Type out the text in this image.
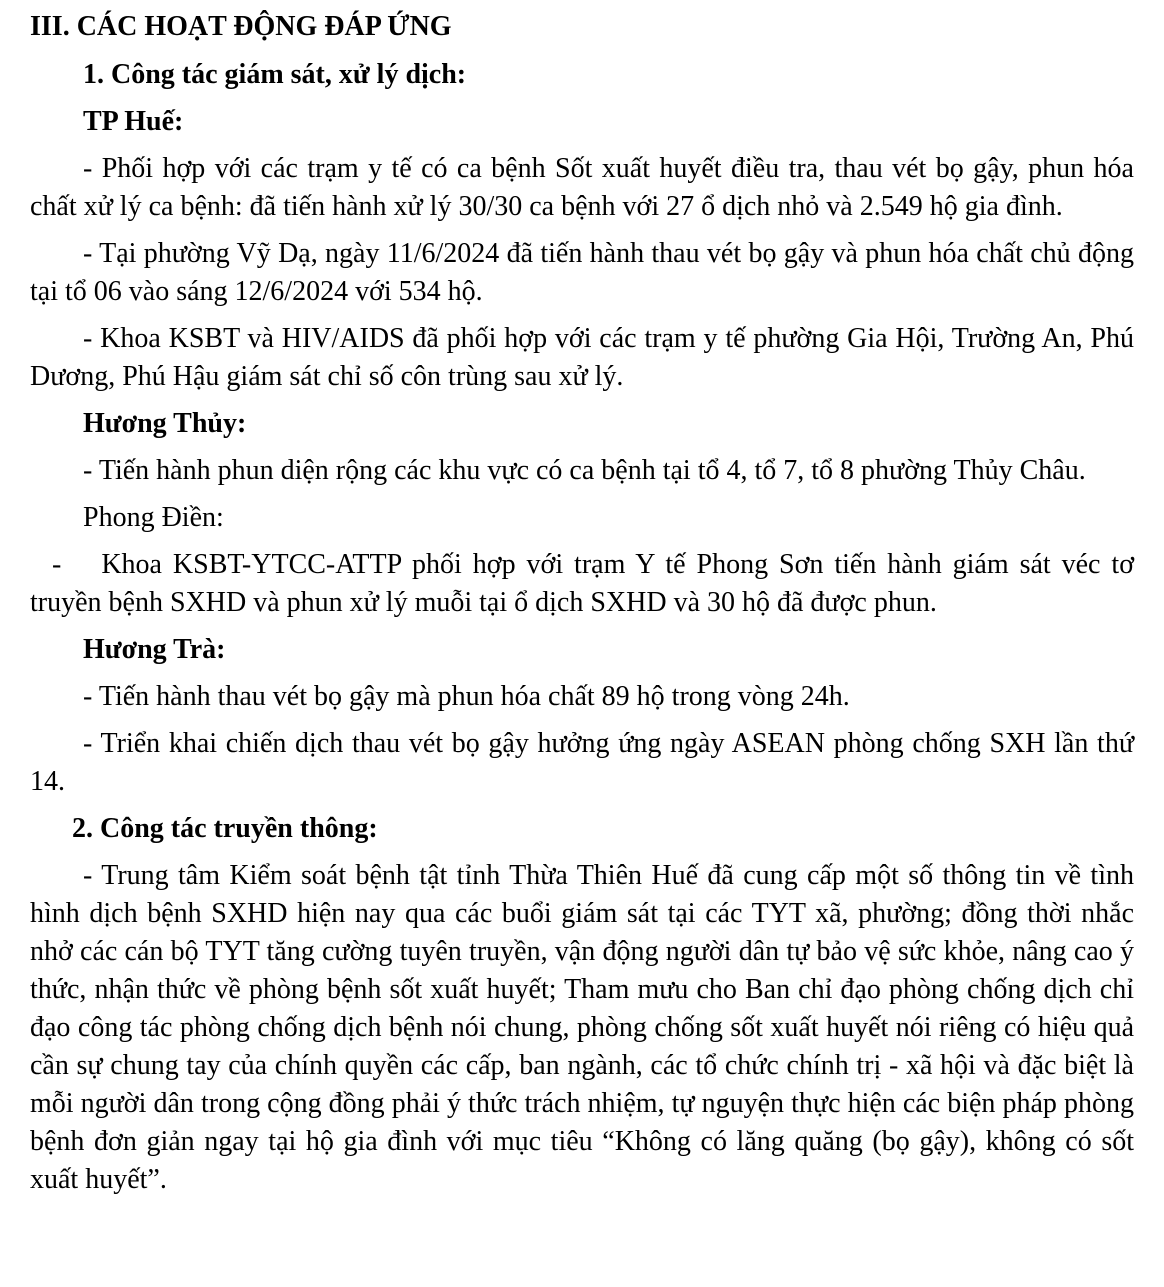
III. CÁC HOẠT ĐỘNG ĐÁP ỨNG

1. Công tác giám sát, xử lý dịch:

TP Huế:

- Phối hợp với các trạm y tế có ca bệnh Sốt xuất huyết điều tra, thau vét bọ gậy, phun hóa chất xử lý ca bệnh: đã tiến hành xử lý 30/30 ca bệnh với 27 ổ dịch nhỏ và 2.549 hộ gia đình.

- Tại phường Vỹ Dạ, ngày 11/6/2024 đã tiến hành thau vét bọ gậy và phun hóa chất chủ động tại tổ 06 vào sáng 12/6/2024 với 534 hộ.

- Khoa KSBT và HIV/AIDS đã phối hợp với các trạm y tế phường Gia Hội, Trường An, Phú Dương, Phú Hậu giám sát chỉ số côn trùng sau xử lý.

Hương Thủy:

- Tiến hành phun diện rộng các khu vực có ca bệnh tại tổ 4, tổ 7, tổ 8 phường Thủy Châu.

Phong Điền:

- Khoa KSBT-YTCC-ATTP phối hợp với trạm Y tế Phong Sơn tiến hành giám sát véc tơ truyền bệnh SXHD và phun xử lý muỗi tại ổ dịch SXHD và 30 hộ đã được phun.

Hương Trà:

- Tiến hành thau vét bọ gậy mà phun hóa chất 89 hộ trong vòng 24h.

- Triển khai chiến dịch thau vét bọ gậy hưởng ứng ngày ASEAN phòng chống SXH lần thứ 14.

2. Công tác truyền thông:

- Trung tâm Kiểm soát bệnh tật tỉnh Thừa Thiên Huế đã cung cấp một số thông tin về tình hình dịch bệnh SXHD hiện nay qua các buổi giám sát tại các TYT xã, phường; đồng thời nhắc nhở các cán bộ TYT tăng cường tuyên truyền, vận động người dân tự bảo vệ sức khỏe, nâng cao ý thức, nhận thức về phòng bệnh sốt xuất huyết; Tham mưu cho Ban chỉ đạo phòng chống dịch chỉ đạo công tác phòng chống dịch bệnh nói chung, phòng chống sốt xuất huyết nói riêng có hiệu quả cần sự chung tay của chính quyền các cấp, ban ngành, các tổ chức chính trị - xã hội và đặc biệt là mỗi người dân trong cộng đồng phải ý thức trách nhiệm, tự nguyện thực hiện các biện pháp phòng bệnh đơn giản ngay tại hộ gia đình với mục tiêu “Không có lăng quăng (bọ gậy), không có sốt xuất huyết”.
